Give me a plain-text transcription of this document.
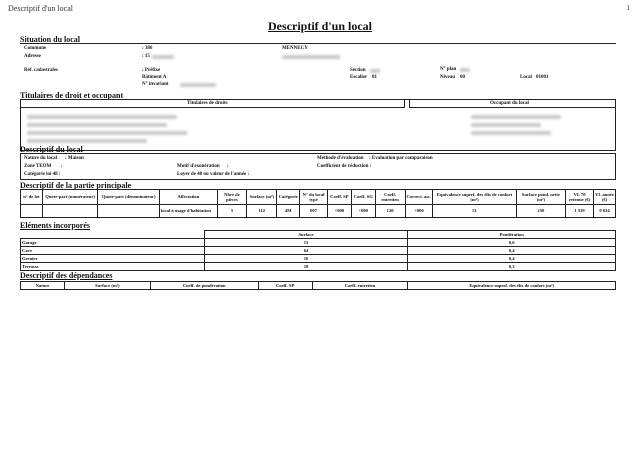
Descriptif d'un local	1
Descriptif d'un local
Situation du local
Commune	: 386	MENNECY
Adresse	: 15
Réf. cadastrales	: Préfixe	Section	N° plan
Bâtiment A	Escalier 01	Niveau 00	Local 01001
N° invariant
Titulaires de droit et occupant
Titulaires de droits	Occupant du local
Descriptif du local
Nature du local : Maison	Méthode d'évaluation : Evaluation par comparaison
Zone TEOM :	Motif d'exonération :	Coefficient de réduction :
Catégorie loi 48 :	Loyer de 48 ou valeur de l'année :
Descriptif de la partie principale
n° de lot	Quote-part (numérateur)	Quote-part (dénominateur)	Affectation	Nbre de pièces	Surface (m²)	Catégorie	N° du local type	Coeff. SP	Coeff. SG	Coeff. entretien	Correct. asc.	Equivalence superf. des élts de confort (m²)	Surface pond. nette (m²)	VL 70 retenue (€)	VL année (€)
			local à usage d'habitation	5	112	4M	007	+000	+000	120	+000	51	250	1 529	9 634
Eléments incorporés
	Surface	Pondération
Garage	15	0,6
Cave	64	0,4
Grenier	16	0,4
Terrasse	18	0,3
Descriptif des dépendances
Nature	Surface (m²)	Coeff. de pondération	Coeff. SP	Coeff. entretien	Equivalence superf. des élts de confort (m²)
